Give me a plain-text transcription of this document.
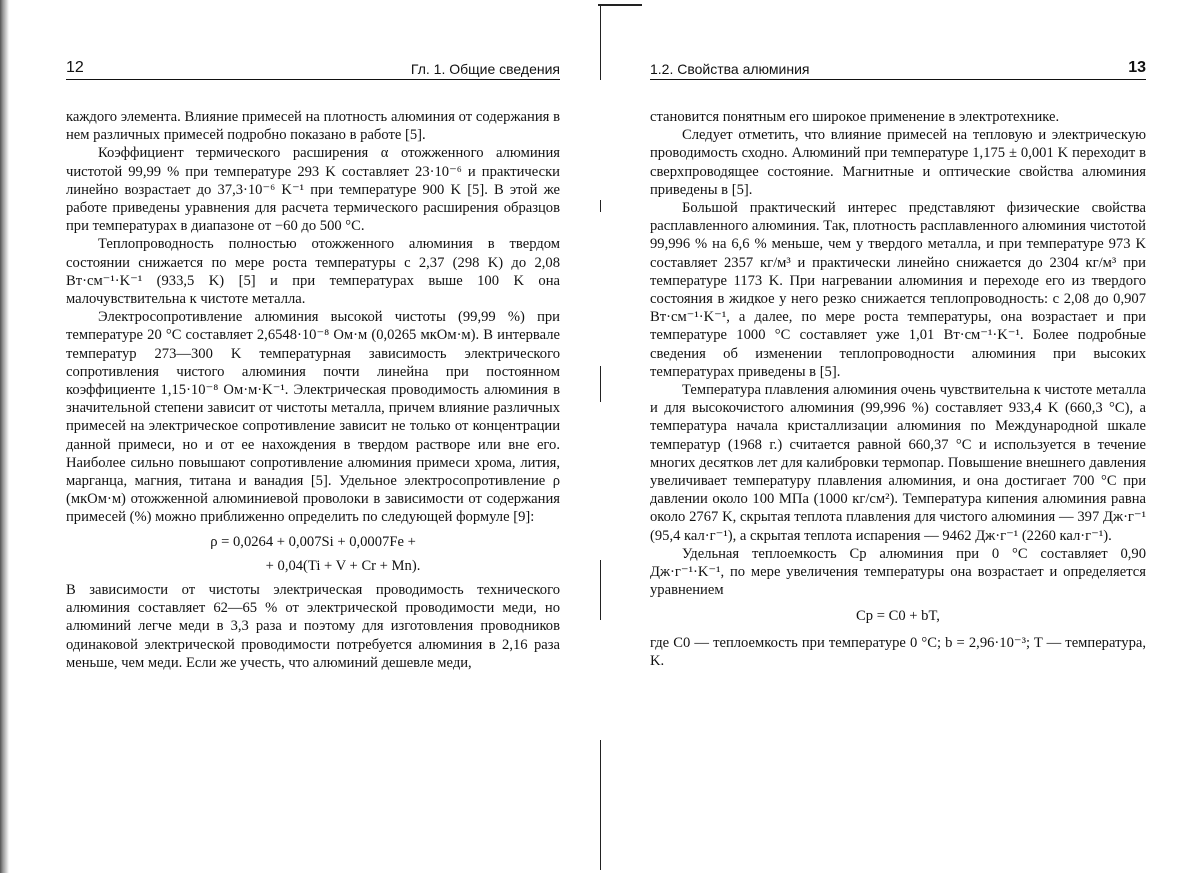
12	Гл. 1. Общие сведения

каждого элемента. Влияние примесей на плотность алюминия от содержания в нем различных примесей подробно показано в работе [5].

Коэффициент термического расширения α отожженного алюминия чистотой 99,99 % при температуре 293 K составляет 23·10⁻⁶ и практически линейно возрастает до 37,3·10⁻⁶ K⁻¹ при температуре 900 K [5]. В этой же работе приведены уравнения для расчета термического расширения образцов при температурах в диапазоне от −60 до 500 °C.

Теплопроводность полностью отожженного алюминия в твердом состоянии снижается по мере роста температуры с 2,37 (298 K) до 2,08 Вт·см⁻¹·K⁻¹ (933,5 K) [5] и при температурах выше 100 K она малочувствительна к чистоте металла.

Электросопротивление алюминия высокой чистоты (99,99 %) при температуре 20 °C составляет 2,6548·10⁻⁸ Ом·м (0,0265 мкОм·м). В интервале температур 273—300 K температурная зависимость электрического сопротивления чистого алюминия почти линейна при постоянном коэффициенте 1,15·10⁻⁸ Ом·м·K⁻¹. Электрическая проводимость алюминия в значительной степени зависит от чистоты металла, причем влияние различных примесей на электрическое сопротивление зависит не только от концентрации данной примеси, но и от ее нахождения в твердом растворе или вне его. Наиболее сильно повышают сопротивление алюминия примеси хрома, лития, марганца, магния, титана и ванадия [5]. Удельное электросопротивление ρ (мкОм·м) отожженной алюминиевой проволоки в зависимости от содержания примесей (%) можно приближенно определить по следующей формуле [9]:

ρ = 0,0264 + 0,007Si + 0,0007Fe +
+ 0,04(Ti + V + Cr + Mn).

В зависимости от чистоты электрическая проводимость технического алюминия составляет 62—65 % от электрической проводимости меди, но алюминий легче меди в 3,3 раза и поэтому для изготовления проводников одинаковой электрической проводимости потребуется алюминия в 2,16 раза меньше, чем меди. Если же учесть, что алюминий дешевле меди,

1.2. Свойства алюминия	13

становится понятным его широкое применение в электротехнике.

Следует отметить, что влияние примесей на тепловую и электрическую проводимость сходно. Алюминий при температуре 1,175 ± 0,001 K переходит в сверхпроводящее состояние. Магнитные и оптические свойства алюминия приведены в [5].

Большой практический интерес представляют физические свойства расплавленного алюминия. Так, плотность расплавленного алюминия чистотой 99,996 % на 6,6 % меньше, чем у твердого металла, и при температуре 973 K составляет 2357 кг/м³ и практически линейно снижается до 2304 кг/м³ при температуре 1173 K. При нагревании алюминия и переходе его из твердого состояния в жидкое у него резко снижается теплопроводность: с 2,08 до 0,907 Вт·см⁻¹·K⁻¹, а далее, по мере роста температуры, она возрастает и при температуре 1000 °C составляет уже 1,01 Вт·см⁻¹·K⁻¹. Более подробные сведения об изменении теплопроводности алюминия при высоких температурах приведены в [5].

Температура плавления алюминия очень чувствительна к чистоте металла и для высокочистого алюминия (99,996 %) составляет 933,4 K (660,3 °C), а температура начала кристаллизации алюминия по Международной шкале температур (1968 г.) считается равной 660,37 °C и используется в течение многих десятков лет для калибровки термопар. Повышение внешнего давления увеличивает температуру плавления алюминия, и она достигает 700 °C при давлении около 100 МПа (1000 кг/см²). Температура кипения алюминия равна около 2767 K, скрытая теплота плавления для чистого алюминия — 397 Дж·г⁻¹ (95,4 кал·г⁻¹), а скрытая теплота испарения — 9462 Дж·г⁻¹ (2260 кал·г⁻¹).

Удельная теплоемкость Cp алюминия при 0 °C составляет 0,90 Дж·г⁻¹·K⁻¹, по мере увеличения температуры она возрастает и определяется уравнением

Cp = C0 + bT,

где C0 — теплоемкость при температуре 0 °C; b = 2,96·10⁻³; T — температура, K.
